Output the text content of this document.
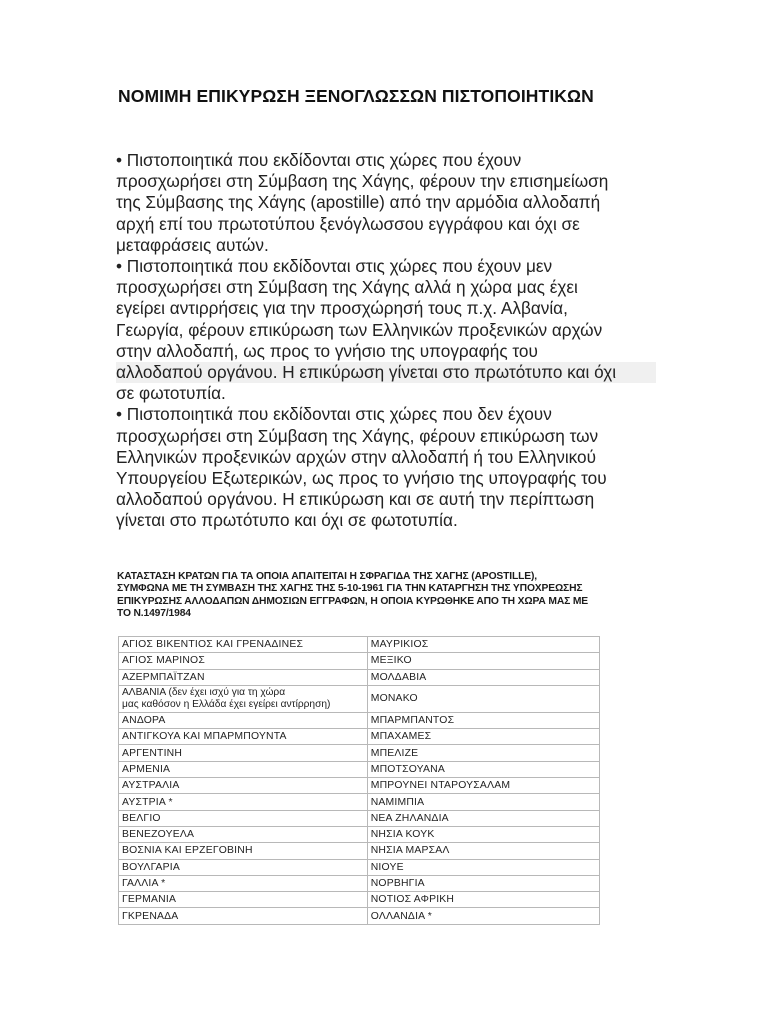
ΝΟΜΙΜΗ ΕΠΙΚΥΡΩΣΗ ΞΕΝΟΓΛΩΣΣΩΝ ΠΙΣΤΟΠΟΙΗΤΙΚΩΝ

• Πιστοποιητικά που εκδίδονται στις χώρες που έχουν
προσχωρήσει στη Σύμβαση της Χάγης, φέρουν την επισημείωση
της Σύμβασης της Χάγης (apostille) από την αρμόδια αλλοδαπή
αρχή επί του πρωτοτύπου ξενόγλωσσου εγγράφου και όχι σε
μεταφράσεις αυτών.

• Πιστοποιητικά που εκδίδονται στις χώρες που έχουν μεν
προσχωρήσει στη Σύμβαση της Χάγης αλλά η χώρα μας έχει
εγείρει αντιρρήσεις για την προσχώρησή τους π.χ. Αλβανία,
Γεωργία, φέρουν επικύρωση των Ελληνικών προξενικών αρχών
στην αλλοδαπή, ως προς το γνήσιο της υπογραφής του
αλλοδαπού οργάνου. Η επικύρωση γίνεται στο πρωτότυπο και όχι
σε φωτοτυπία.

• Πιστοποιητικά που εκδίδονται στις χώρες που δεν έχουν
προσχωρήσει στη Σύμβαση της Χάγης, φέρουν επικύρωση των
Ελληνικών προξενικών αρχών στην αλλοδαπή ή του Ελληνικού
Υπουργείου Εξωτερικών, ως προς το γνήσιο της υπογραφής του
αλλοδαπού οργάνου. Η επικύρωση και σε αυτή την περίπτωση
γίνεται στο πρωτότυπο και όχι σε φωτοτυπία.

ΚΑΤΑΣΤΑΣΗ ΚΡΑΤΩΝ ΓΙΑ ΤΑ ΟΠΟΙΑ ΑΠΑΙΤΕΙΤΑΙ Η ΣΦΡΑΓΙΔΑ ΤΗΣ ΧΑΓΗΣ (APOSTILLE),
ΣΥΜΦΩΝΑ ΜΕ ΤΗ ΣΥΜΒΑΣΗ ΤΗΣ ΧΑΓΗΣ ΤΗΣ 5-10-1961 ΓΙΑ ΤΗΝ ΚΑΤΑΡΓΗΣΗ ΤΗΣ ΥΠΟΧΡΕΩΣΗΣ
ΕΠΙΚΥΡΩΣΗΣ ΑΛΛΟΔΑΠΩΝ ΔΗΜΟΣΙΩΝ ΕΓΓΡΑΦΩΝ, Η ΟΠΟΙΑ ΚΥΡΩΘΗΚΕ ΑΠΟ ΤΗ ΧΩΡΑ ΜΑΣ ΜΕ
ΤΟ Ν.1497/1984
ΑΓΙΟΣ ΒΙΚΕΝΤΙΟΣ ΚΑΙ ΓΡΕΝΑΔΙΝΕΣ	ΜΑΥΡΙΚΙΟΣ
ΑΓΙΟΣ ΜΑΡΙΝΟΣ	ΜΕΞΙΚΟ
ΑΖΕΡΜΠΑΪΤΖΑΝ	ΜΟΛΔΑΒΙΑ

ΑΛΒΑΝΙΑ (δεν έχει ισχύ για τη χώρα
μας καθόσον η Ελλάδα έχει εγείρει αντίρρηση)	ΜΟΝΑΚΟ
ΑΝΔΟΡΑ	ΜΠΑΡΜΠΑΝΤΟΣ
ΑΝΤΙΓΚΟΥΑ ΚΑΙ ΜΠΑΡΜΠΟΥΝΤΑ	ΜΠΑΧΑΜΕΣ
ΑΡΓΕΝΤΙΝΗ	ΜΠΕΛΙΖΕ
ΑΡΜΕΝΙΑ	ΜΠΟΤΣΟΥΑΝΑ
ΑΥΣΤΡΑΛΙΑ	ΜΠΡΟΥΝΕΙ ΝΤΑΡΟΥΣΑΛΑΜ
ΑΥΣΤΡΙΑ *	ΝΑΜΙΜΠΙΑ
ΒΕΛΓΙΟ	ΝΕΑ ΖΗΛΑΝΔΙΑ
ΒΕΝΕΖΟΥΕΛΑ	ΝΗΣΙΑ ΚΟΥΚ
ΒΟΣΝΙΑ ΚΑΙ ΕΡΖΕΓΟΒΙΝΗ	ΝΗΣΙΑ ΜΑΡΣΑΛ
ΒΟΥΛΓΑΡΙΑ	ΝΙΟΥΕ
ΓΑΛΛΙΑ *	ΝΟΡΒΗΓΙΑ
ΓΕΡΜΑΝΙΑ	ΝΟΤΙΟΣ ΑΦΡΙΚΗ
ΓΚΡΕΝΑΔΑ	ΟΛΛΑΝΔΙΑ *
